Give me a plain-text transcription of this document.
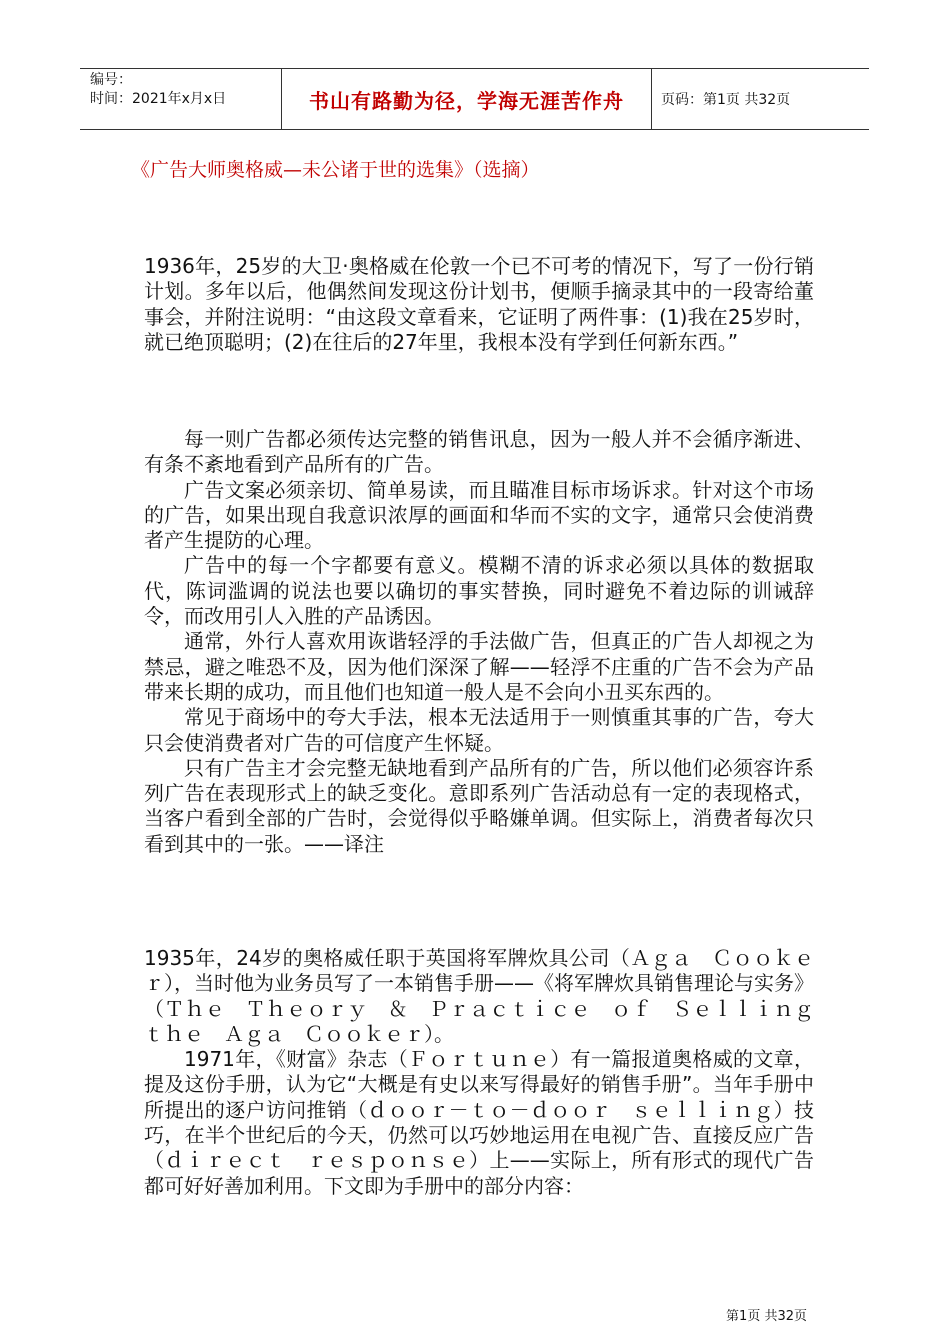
编号：
时间：2021年x月x日	书山有路勤为径，学海无涯苦作舟	页码：第1页 共32页
《广告大师奥格威—未公诸于世的选集》（选摘）

1936年，25岁的大卫·奥格威在伦敦一个已不可考的情况下，写了一份行销计划。多年以后，他偶然间发现这份计划书，便顺手摘录其中的一段寄给董事会，并附注说明：“由这段文章看来，它证明了两件事：(1)我在25岁时，就已绝顶聪明；(2)在往后的27年里，我根本没有学到任何新东西。”

每一则广告都必须传达完整的销售讯息，因为一般人并不会循序渐进、有条不紊地看到产品所有的广告。

广告文案必须亲切、简单易读，而且瞄准目标市场诉求。针对这个市场的广告，如果出现自我意识浓厚的画面和华而不实的文字，通常只会使消费者产生提防的心理。

广告中的每一个字都要有意义。模糊不清的诉求必须以具体的数据取代，陈词滥调的说法也要以确切的事实替换，同时避免不着边际的训诫辞令，而改用引人入胜的产品诱因。

通常，外行人喜欢用诙谐轻浮的手法做广告，但真正的广告人却视之为禁忌，避之唯恐不及，因为他们深深了解——轻浮不庄重的广告不会为产品带来长期的成功，而且他们也知道一般人是不会向小丑买东西的。

常见于商场中的夸大手法，根本无法适用于一则慎重其事的广告，夸大只会使消费者对广告的可信度产生怀疑。

只有广告主才会完整无缺地看到产品所有的广告，所以他们必须容许系列广告在表现形式上的缺乏变化。意即系列广告活动总有一定的表现格式，当客户看到全部的广告时，会觉得似乎略嫌单调。但实际上，消费者每次只看到其中的一张。——译注

1935年，24岁的奥格威任职于英国将军牌炊具公司（Ａｇａ　Ｃｏｏｋｅｒ），当时他为业务员写了一本销售手册——《将军牌炊具销售理论与实务》（Ｔｈｅ　Ｔｈｅｏｒｙ　＆　Ｐｒａｃｔｉｃｅ　ｏｆ　Ｓｅｌｌｉｎｇ　ｔｈｅ　Ａｇａ　Ｃｏｏｋｅｒ）。

1971年，《财富》杂志（Ｆｏｒｔｕｎｅ）有一篇报道奥格威的文章，提及这份手册，认为它“大概是有史以来写得最好的销售手册”。当年手册中所提出的逐户访问推销（ｄｏｏｒ－ｔｏ－ｄｏｏｒ　ｓｅｌｌｉｎｇ）技巧，在半个世纪后的今天，仍然可以巧妙地运用在电视广告、直接反应广告（ｄｉｒｅｃｔ　ｒｅｓｐｏｎｓｅ）上——实际上，所有形式的现代广告都可好好善加利用。下文即为手册中的部分内容：

第1页 共32页
